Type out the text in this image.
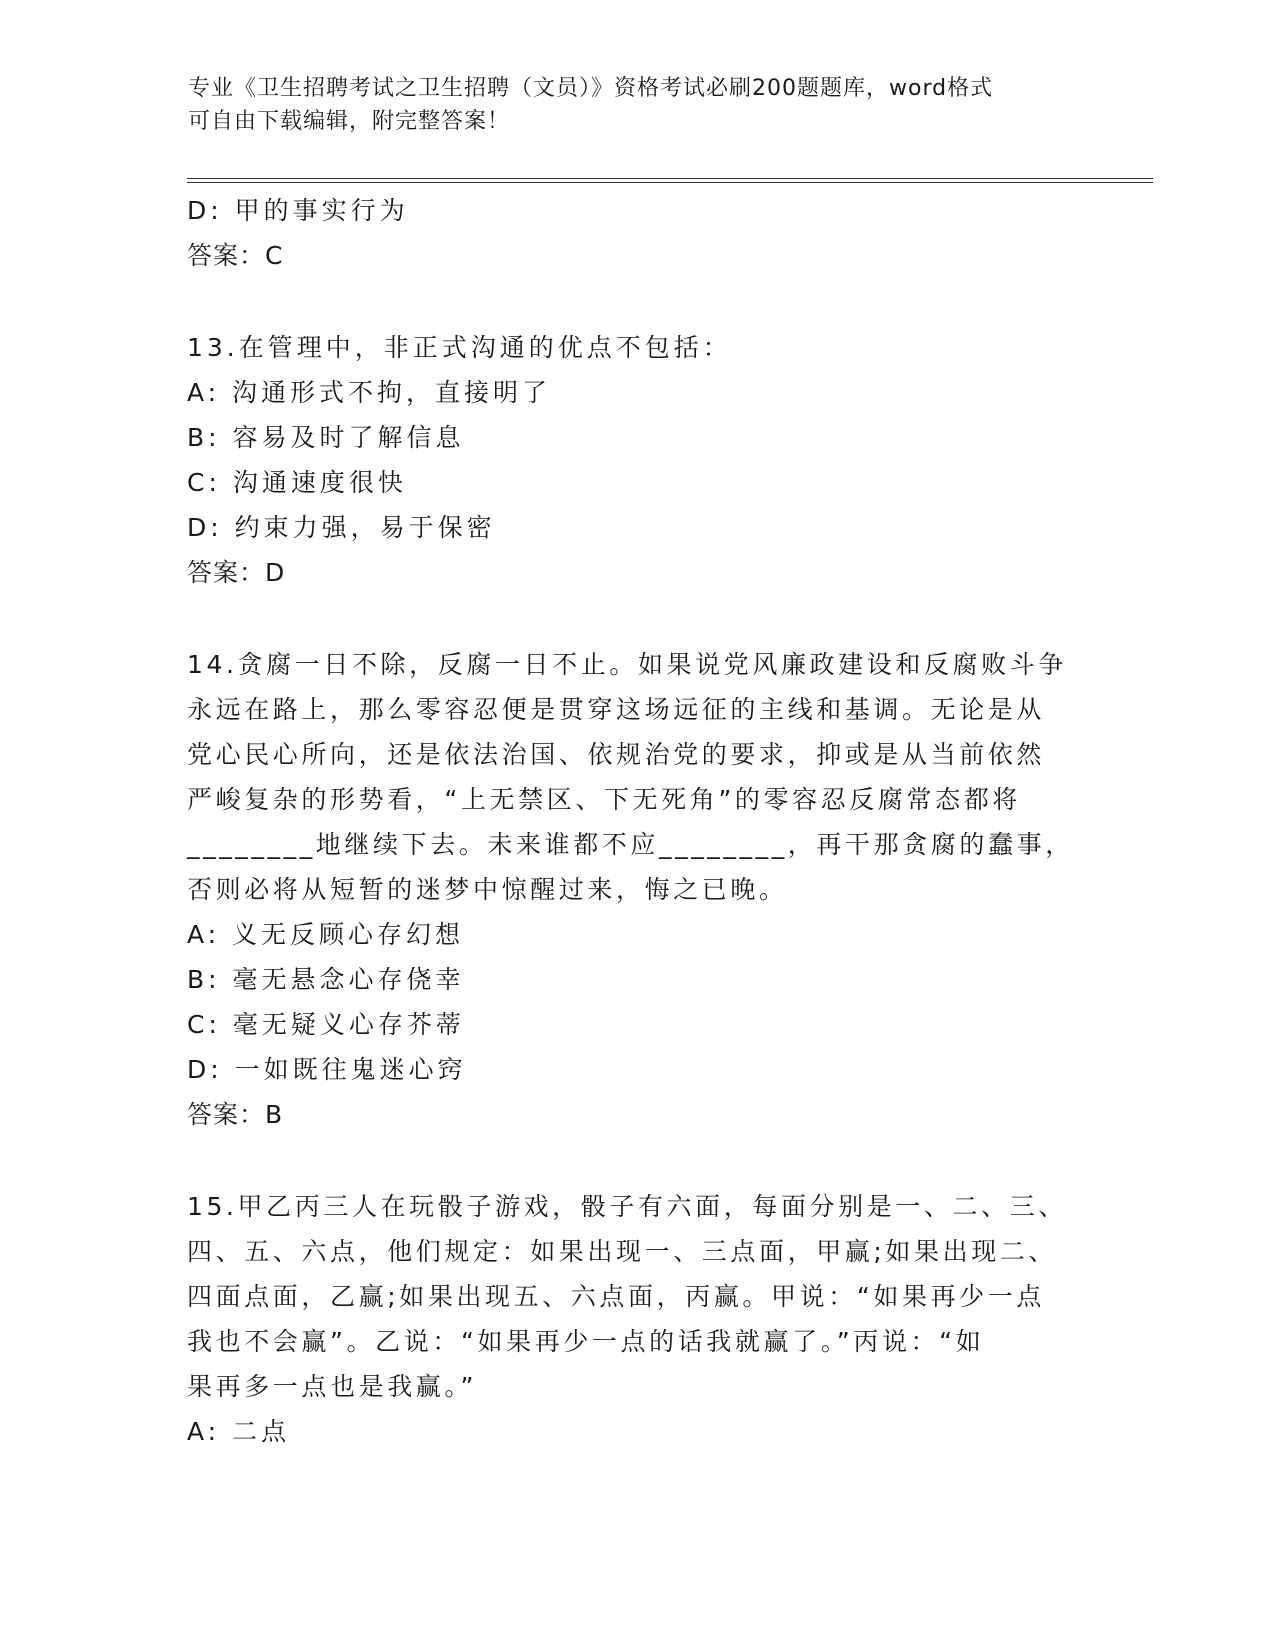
专业《卫生招聘考试之卫生招聘（文员）》资格考试必刷200题题库，word格式
可自由下载编辑，附完整答案！
D: 甲的事实行为
答案：C
13.在管理中，非正式沟通的优点不包括：
A: 沟通形式不拘，直接明了
B: 容易及时了解信息
C: 沟通速度很快
D: 约束力强，易于保密
答案：D
14.贪腐一日不除，反腐一日不止。如果说党风廉政建设和反腐败斗争
永远在路上，那么零容忍便是贯穿这场远征的主线和基调。无论是从
党心民心所向，还是依法治国、依规治党的要求，抑或是从当前依然
严峻复杂的形势看，“上无禁区、下无死角”的零容忍反腐常态都将
________地继续下去。未来谁都不应________，再干那贪腐的蠢事，
否则必将从短暂的迷梦中惊醒过来，悔之已晚。
A: 义无反顾心存幻想
B: 毫无悬念心存侥幸
C: 毫无疑义心存芥蒂
D: 一如既往鬼迷心窍
答案：B
15.甲乙丙三人在玩骰子游戏，骰子有六面，每面分别是一、二、三、
四、五、六点，他们规定：如果出现一、三点面，甲赢;如果出现二、
四面点面，乙赢;如果出现五、六点面，丙赢。甲说：“如果再少一点
我也不会赢”。乙说：“如果再少一点的话我就赢了。”丙说：“如
果再多一点也是我赢。”
A: 二点
